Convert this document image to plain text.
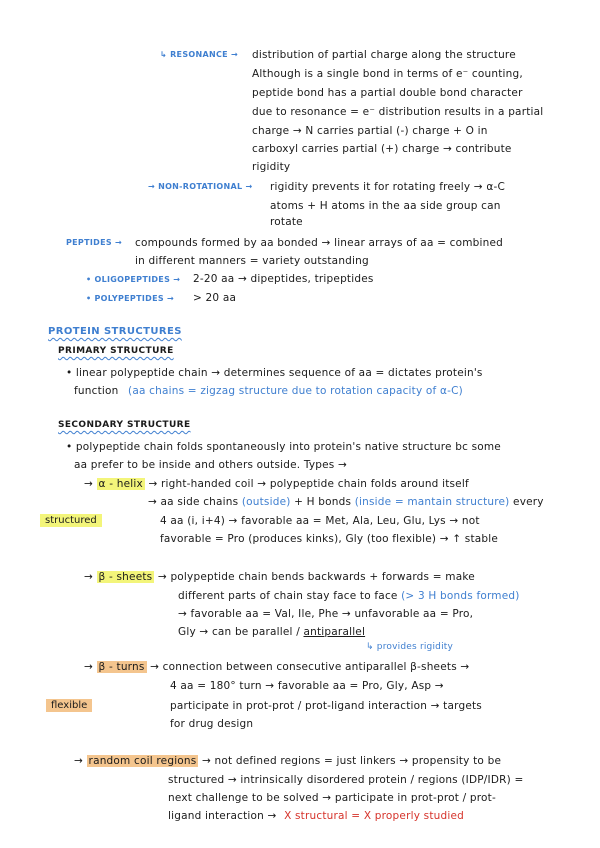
↳ RESONANCE → distribution of partial charge along the structure
Although is a single bond in terms of e⁻ counting,
peptide bond has a partial double bond character
due to resonance = e⁻ distribution results in a partial
charge → N carries partial (-) charge + O in
carboxyl carries partial (+) charge → contribute
rigidity
→ NON-ROTATIONAL → rigidity prevents it for rotating freely → α-C
atoms + H atoms in the aa side group can
rotate
PEPTIDES → compounds formed by aa bonded → linear arrays of aa = combined
in different manners = variety outstanding
• OLIGOPEPTIDES → 2-20 aa → dipeptides, tripeptides
• POLYPEPTIDES → > 20 aa
PROTEIN STRUCTURES
PRIMARY STRUCTURE
• linear polypeptide chain → determines sequence of aa = dictates protein's
function (aa chains = zigzag structure due to rotation capacity of α-C)
SECONDARY STRUCTURE
• polypeptide chain folds spontaneously into protein's native structure bc some
aa prefer to be inside and others outside. Types →
→ α - helix → right-handed coil → polypeptide chain folds around itself
→ aa side chains (outside) + H bonds (inside = mantain structure) every
structured	4 aa (i, i+4) → favorable aa = Met, Ala, Leu, Glu, Lys → not
favorable = Pro (produces kinks), Gly (too flexible) → ↑ stable
→ β - sheets → polypeptide chain bends backwards + forwards = make
different parts of chain stay face to face (> 3 H bonds formed)
→ favorable aa = Val, Ile, Phe → unfavorable aa = Pro,
Gly → can be parallel / antiparallel
↳ provides rigidity
→ β - turns → connection between consecutive antiparallel β-sheets →
4 aa = 180° turn → favorable aa = Pro, Gly, Asp →
flexible	participate in prot-prot / prot-ligand interaction → targets
for drug design
→ random coil regions → not defined regions = just linkers → propensity to be
structured → intrinsically disordered protein / regions (IDP/IDR) =
next challenge to be solved → participate in prot-prot / prot-
ligand interaction → X structural = X properly studied
